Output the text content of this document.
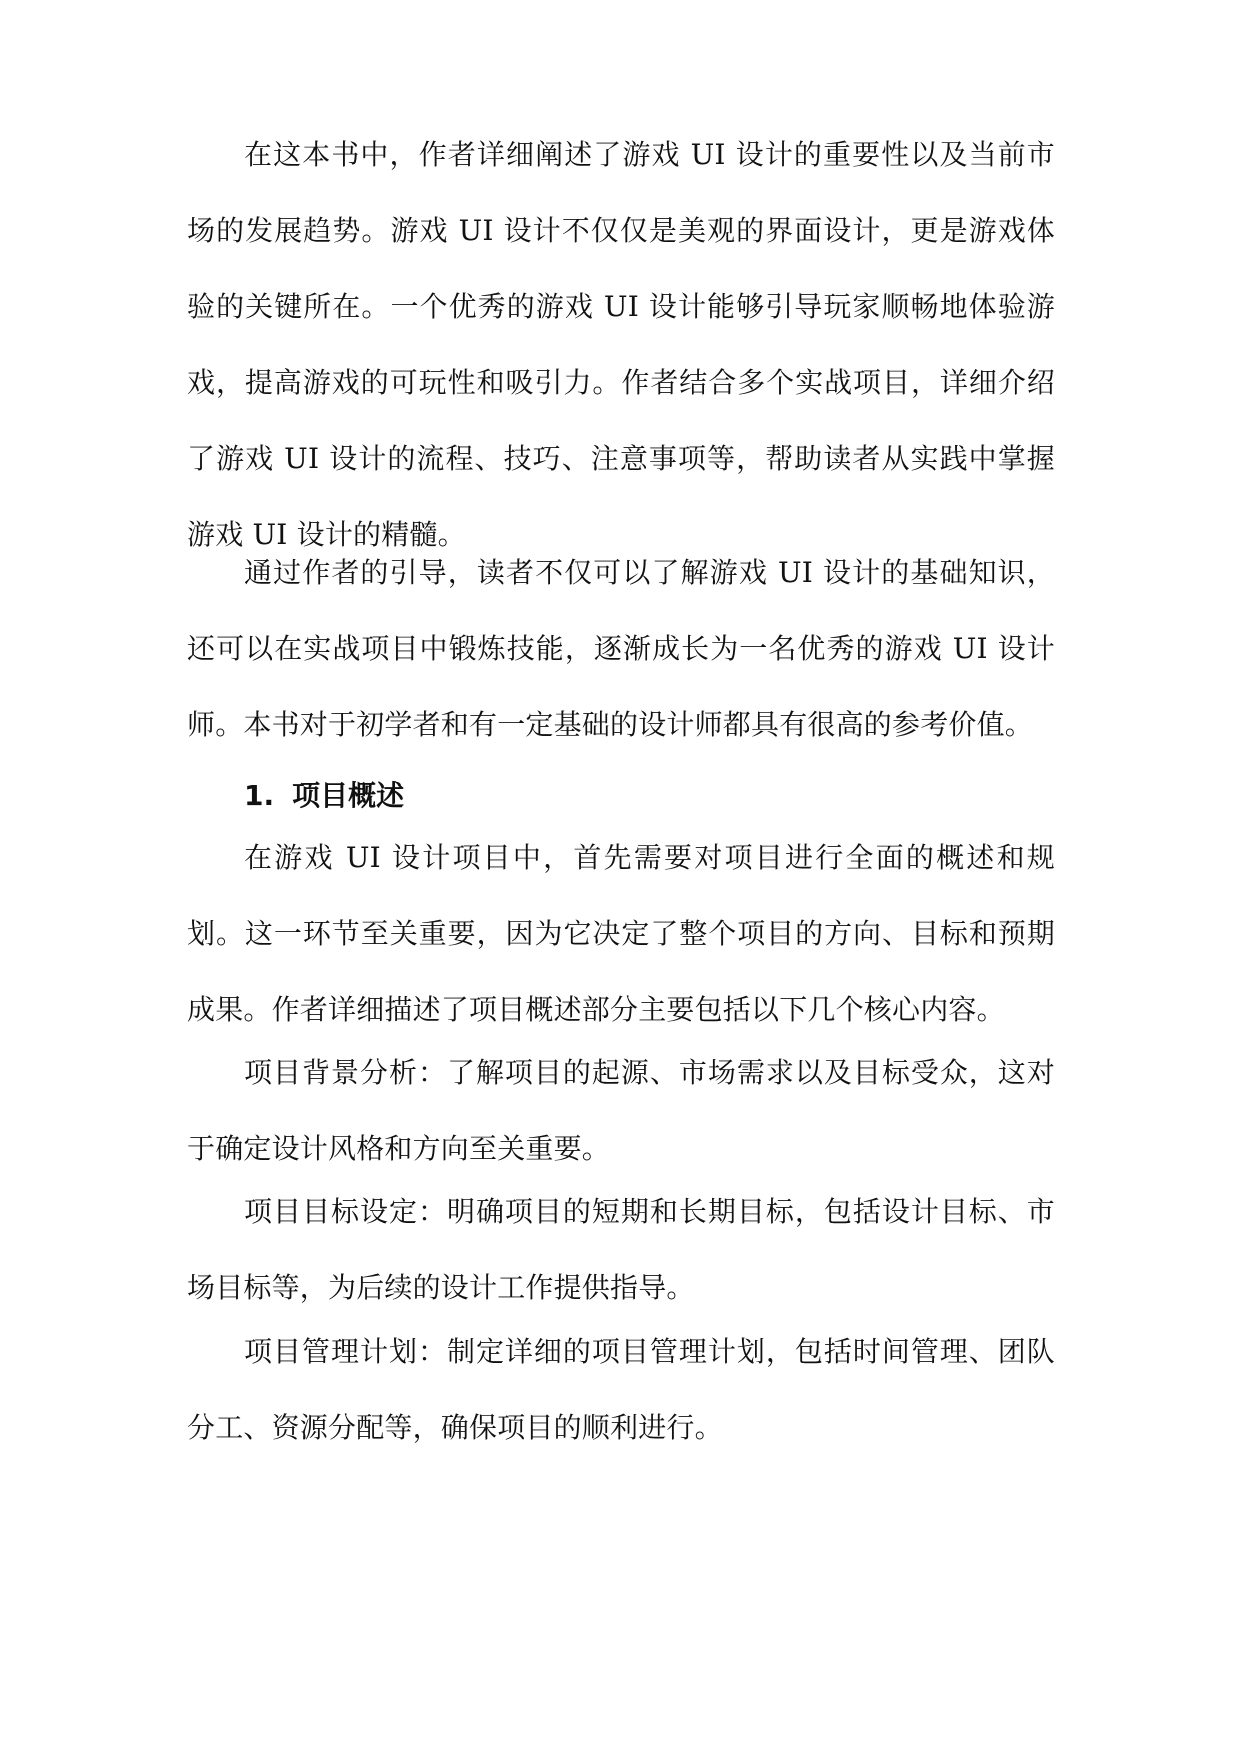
在这本书中，作者详细阐述了游戏 UI 设计的重要性以及当前市场的发展趋势。游戏 UI 设计不仅仅是美观的界面设计，更是游戏体验的关键所在。一个优秀的游戏 UI 设计能够引导玩家顺畅地体验游戏，提高游戏的可玩性和吸引力。作者结合多个实战项目，详细介绍了游戏 UI 设计的流程、技巧、注意事项等，帮助读者从实践中掌握游戏 UI 设计的精髓。

通过作者的引导，读者不仅可以了解游戏 UI 设计的基础知识，还可以在实战项目中锻炼技能，逐渐成长为一名优秀的游戏 UI 设计师。本书对于初学者和有一定基础的设计师都具有很高的参考价值。

1. 项目概述

在游戏 UI 设计项目中，首先需要对项目进行全面的概述和规划。这一环节至关重要，因为它决定了整个项目的方向、目标和预期成果。作者详细描述了项目概述部分主要包括以下几个核心内容。

项目背景分析：了解项目的起源、市场需求以及目标受众，这对于确定设计风格和方向至关重要。

项目目标设定：明确项目的短期和长期目标，包括设计目标、市场目标等，为后续的设计工作提供指导。

项目管理计划：制定详细的项目管理计划，包括时间管理、团队分工、资源分配等，确保项目的顺利进行。
